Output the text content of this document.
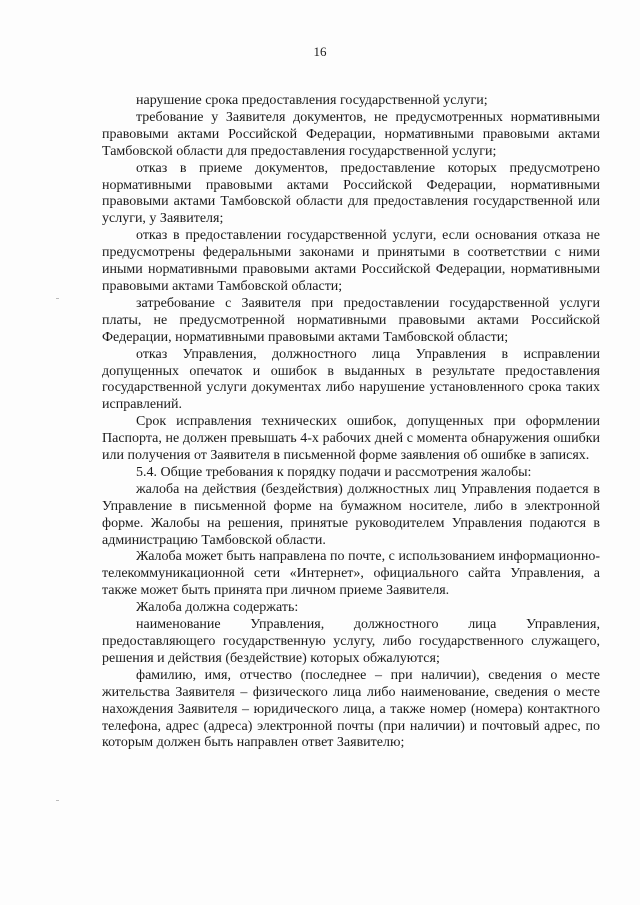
16

нарушение срока предоставления государственной услуги;

требование у Заявителя документов, не предусмотренных нормативными правовыми актами Российской Федерации, нормативными правовыми актами Тамбовской области для предоставления государственной услуги;

отказ в приеме документов, предоставление которых предусмотрено нормативными правовыми актами Российской Федерации, нормативными правовыми актами Тамбовской области для предоставления государственной или услуги, у Заявителя;

отказ в предоставлении государственной услуги, если основания отказа не предусмотрены федеральными законами и принятыми в соответствии с ними иными нормативными правовыми актами Российской Федерации, нормативными правовыми актами Тамбовской области;

затребование с Заявителя при предоставлении государственной услуги платы, не предусмотренной нормативными правовыми актами Российской Федерации, нормативными правовыми актами Тамбовской области;

отказ Управления, должностного лица Управления в исправлении допущенных опечаток и ошибок в выданных в результате предоставления государственной услуги документах либо нарушение установленного срока таких исправлений.

Срок исправления технических ошибок, допущенных при оформлении Паспорта, не должен превышать 4-х рабочих дней с момента обнаружения ошибки или получения от Заявителя в письменной форме заявления об ошибке в записях.

5.4. Общие требования к порядку подачи и рассмотрения жалобы:

жалоба на действия (бездействия) должностных лиц Управления подается в Управление в письменной форме на бумажном носителе, либо в электронной форме. Жалобы на решения, принятые руководителем Управления подаются в администрацию Тамбовской области.

Жалоба может быть направлена по почте, с использованием информационно-телекоммуникационной сети «Интернет», официального сайта Управления, а также может быть принята при личном приеме Заявителя.

Жалоба должна содержать:

наименование Управления, должностного лица Управления, предоставляющего государственную услугу, либо государственного служащего, решения и действия (бездействие) которых обжалуются;

фамилию, имя, отчество (последнее – при наличии), сведения о месте жительства Заявителя – физического лица либо наименование, сведения о месте нахождения Заявителя – юридического лица, а также номер (номера) контактного телефона, адрес (адреса) электронной почты (при наличии) и почтовый адрес, по которым должен быть направлен ответ Заявителю;
